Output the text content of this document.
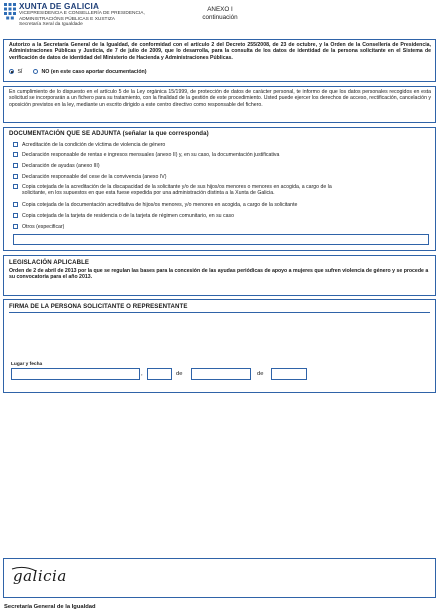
XUNTA DE GALICIA
VICEPRESIDENCIA E CONSELLERÍA DE PRESIDENCIA,
ADMINISTRACIÓNS PÚBLICAS E XUSTIZA
Secretaría Xeral da Igualdade
ANEXO I
continuación
Autorizo a la Secretaría General de la Igualdad, de conformidad con el artículo 2 del Decreto 255/2008, de 23 de octubre, y la Orden de la Consellería de Presidencia, Administraciones Públicas y Justicia, de 7 de julio de 2009, que lo desarrolla, para la consulta de los datos de identidad de la persona solicitante en el Sistema de verificación de datos de identidad del Ministerio de Hacienda y Administraciones Públicas.
SÍ	NO (en este caso aportar documentación)
En cumplimiento de lo dispuesto en el artículo 5 de la Ley orgánica 15/1999, de protección de datos de carácter personal, te informo de que los datos personales recogidos en esta solicitud se incorporarán a un fichero para su tratamiento, con la finalidad de la gestión de este procedimiento. Usted puede ejercer los derechos de acceso, rectificación, cancelación y oposición previstos en la ley, mediante un escrito dirigido a este centro directivo como responsable del fichero.
DOCUMENTACIÓN QUE SE ADJUNTA (señalar la que corresponda)
Acreditación de la condición de víctima de violencia de género
Declaración responsable de rentas e ingresos mensuales (anexo II) y, en su caso, la documentación justificativa
Declaración de ayudas (anexo III)
Declaración responsable del cese de la convivencia (anexo IV)
Copia cotejada de la acreditación de la discapacidad de la solicitante y/o de sus hijos/os menores o menores en acogida, a cargo de la
solicitante, en los supuestos en que esta fuese expedida por una administración distinta a la Xunta de Galicia.
Copia cotejada de la documentación acreditativa de hijos/os menores, y/o menores en acogida, a cargo de la solicitante
Copia cotejada de la tarjeta de residencia o de la tarjeta de régimen comunitario, en su caso
Otros (especificar)
LEGISLACIÓN APLICABLE
Orden de 2 de abril de 2013 por la que se regulan las bases para la concesión de las ayudas periódicas de apoyo a mujeres que sufren violencia de género y se procede a su convocatoria para el año 2013.
FIRMA DE LA PERSONA SOLICITANTE O REPRESENTANTE
Lugar y fecha
,	de	de
galicia
Secretaría General de la Igualdad
